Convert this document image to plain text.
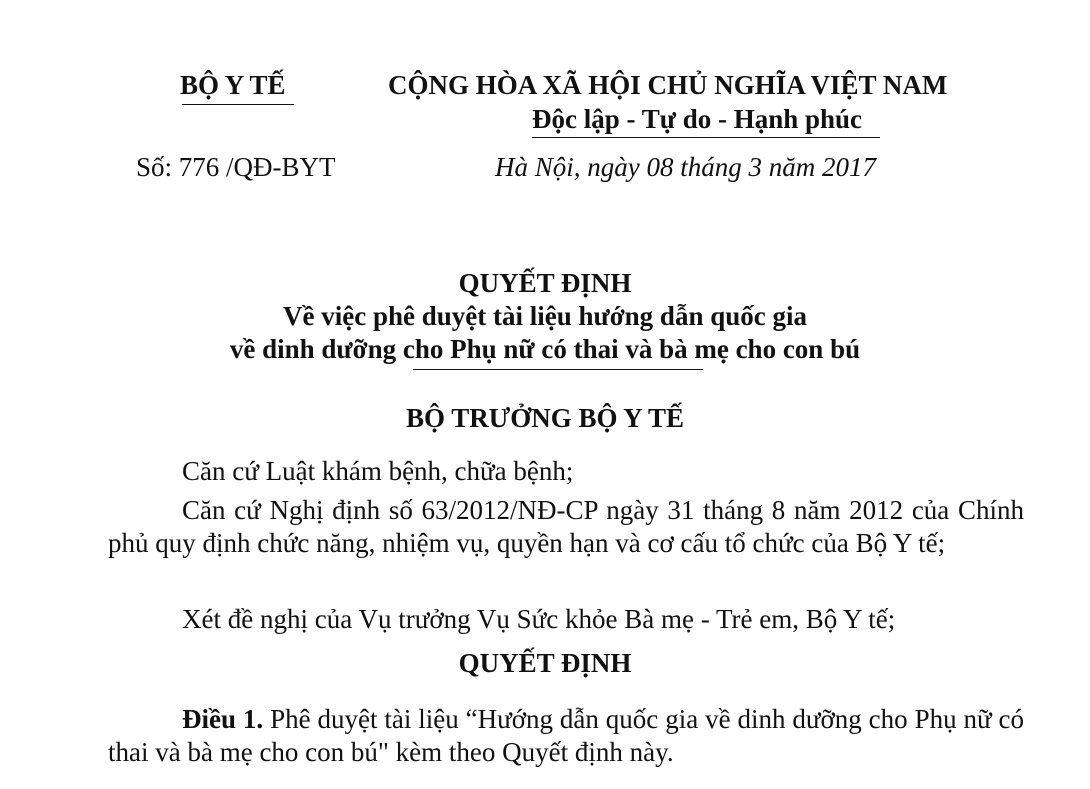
BỘ Y TẾ	CỘNG HÒA XÃ HỘI CHỦ NGHĨA VIỆT NAM
Độc lập - Tự do - Hạnh phúc
Số: 776 /QĐ-BYT	Hà Nội, ngày 08 tháng 3 năm 2017
QUYẾT ĐỊNH
Về việc phê duyệt tài liệu hướng dẫn quốc gia
về dinh dưỡng cho Phụ nữ có thai và bà mẹ cho con bú
BỘ TRƯỞNG BỘ Y TẾ

Căn cứ Luật khám bệnh, chữa bệnh;

Căn cứ Nghị định số 63/2012/NĐ-CP ngày 31 tháng 8 năm 2012 của Chính phủ quy định chức năng, nhiệm vụ, quyền hạn và cơ cấu tổ chức của Bộ Y tế;

Xét đề nghị của Vụ trưởng Vụ Sức khỏe Bà mẹ - Trẻ em, Bộ Y tế;

QUYẾT ĐỊNH

Điều 1. Phê duyệt tài liệu “Hướng dẫn quốc gia về dinh dưỡng cho Phụ nữ có thai và bà mẹ cho con bú" kèm theo Quyết định này.
